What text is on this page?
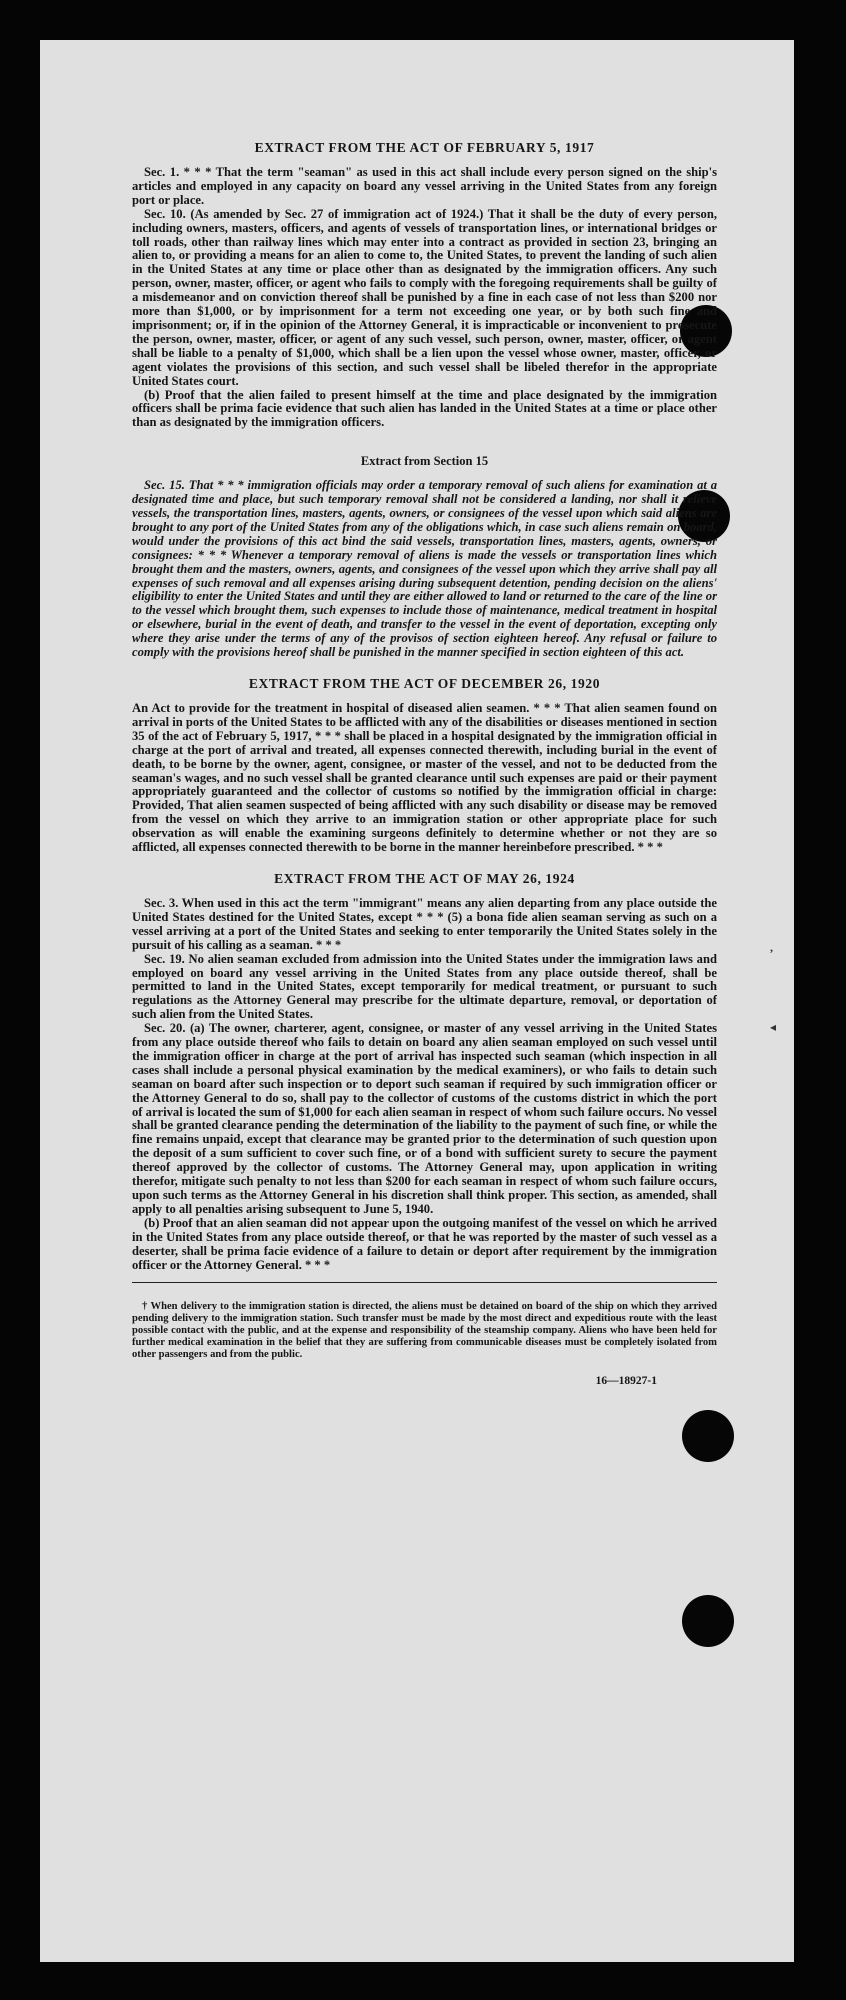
,
◂
EXTRACT FROM THE ACT OF FEBRUARY 5, 1917

Sec. 1. * * * That the term "seaman" as used in this act shall include every person signed on the ship's articles and employed in any capacity on board any vessel arriving in the United States from any foreign port or place.

Sec. 10. (As amended by Sec. 27 of immigration act of 1924.) That it shall be the duty of every person, including owners, masters, officers, and agents of vessels of transportation lines, or international bridges or toll roads, other than railway lines which may enter into a contract as provided in section 23, bringing an alien to, or providing a means for an alien to come to, the United States, to prevent the landing of such alien in the United States at any time or place other than as designated by the immigration officers. Any such person, owner, master, officer, or agent who fails to comply with the foregoing requirements shall be guilty of a misdemeanor and on conviction thereof shall be punished by a fine in each case of not less than $200 nor more than $1,000, or by imprisonment for a term not exceeding one year, or by both such fine and imprisonment; or, if in the opinion of the Attorney General, it is impracticable or inconvenient to prosecute the person, owner, master, officer, or agent of any such vessel, such person, owner, master, officer, or agent shall be liable to a penalty of $1,000, which shall be a lien upon the vessel whose owner, master, officer, or agent violates the provisions of this section, and such vessel shall be libeled therefor in the appropriate United States court.

(b) Proof that the alien failed to present himself at the time and place designated by the immigration officers shall be prima facie evidence that such alien has landed in the United States at a time or place other than as designated by the immigration officers.

Extract from Section 15

Sec. 15. That * * * immigration officials may order a temporary removal of such aliens for examination at a designated time and place, but such temporary removal shall not be considered a landing, nor shall it relieve vessels, the transportation lines, masters, agents, owners, or consignees of the vessel upon which said aliens are brought to any port of the United States from any of the obligations which, in case such aliens remain on board, would under the provisions of this act bind the said vessels, transportation lines, masters, agents, owners, or consignees: * * * Whenever a temporary removal of aliens is made the vessels or transportation lines which brought them and the masters, owners, agents, and consignees of the vessel upon which they arrive shall pay all expenses of such removal and all expenses arising during subsequent detention, pending decision on the aliens' eligibility to enter the United States and until they are either allowed to land or returned to the care of the line or to the vessel which brought them, such expenses to include those of maintenance, medical treatment in hospital or elsewhere, burial in the event of death, and transfer to the vessel in the event of deportation, excepting only where they arise under the terms of any of the provisos of section eighteen hereof. Any refusal or failure to comply with the provisions hereof shall be punished in the manner specified in section eighteen of this act.

EXTRACT FROM THE ACT OF DECEMBER 26, 1920

An Act to provide for the treatment in hospital of diseased alien seamen. * * * That alien seamen found on arrival in ports of the United States to be afflicted with any of the disabilities or diseases mentioned in section 35 of the act of February 5, 1917, * * * shall be placed in a hospital designated by the immigration official in charge at the port of arrival and treated, all expenses connected therewith, including burial in the event of death, to be borne by the owner, agent, consignee, or master of the vessel, and not to be deducted from the seaman's wages, and no such vessel shall be granted clearance until such expenses are paid or their payment appropriately guaranteed and the collector of customs so notified by the immigration official in charge: Provided, That alien seamen suspected of being afflicted with any such disability or disease may be removed from the vessel on which they arrive to an immigration station or other appropriate place for such observation as will enable the examining surgeons definitely to determine whether or not they are so afflicted, all expenses connected therewith to be borne in the manner hereinbefore prescribed. * * *

EXTRACT FROM THE ACT OF MAY 26, 1924

Sec. 3. When used in this act the term "immigrant" means any alien departing from any place outside the United States destined for the United States, except * * * (5) a bona fide alien seaman serving as such on a vessel arriving at a port of the United States and seeking to enter temporarily the United States solely in the pursuit of his calling as a seaman. * * *

Sec. 19. No alien seaman excluded from admission into the United States under the immigration laws and employed on board any vessel arriving in the United States from any place outside thereof, shall be permitted to land in the United States, except temporarily for medical treatment, or pursuant to such regulations as the Attorney General may prescribe for the ultimate departure, removal, or deportation of such alien from the United States.

Sec. 20. (a) The owner, charterer, agent, consignee, or master of any vessel arriving in the United States from any place outside thereof who fails to detain on board any alien seaman employed on such vessel until the immigration officer in charge at the port of arrival has inspected such seaman (which inspection in all cases shall include a personal physical examination by the medical examiners), or who fails to detain such seaman on board after such inspection or to deport such seaman if required by such immigration officer or the Attorney General to do so, shall pay to the collector of customs of the customs district in which the port of arrival is located the sum of $1,000 for each alien seaman in respect of whom such failure occurs. No vessel shall be granted clearance pending the determination of the liability to the payment of such fine, or while the fine remains unpaid, except that clearance may be granted prior to the determination of such question upon the deposit of a sum sufficient to cover such fine, or of a bond with sufficient surety to secure the payment thereof approved by the collector of customs. The Attorney General may, upon application in writing therefor, mitigate such penalty to not less than $200 for each seaman in respect of whom such failure occurs, upon such terms as the Attorney General in his discretion shall think proper. This section, as amended, shall apply to all penalties arising subsequent to June 5, 1940.

(b) Proof that an alien seaman did not appear upon the outgoing manifest of the vessel on which he arrived in the United States from any place outside thereof, or that he was reported by the master of such vessel as a deserter, shall be prima facie evidence of a failure to detain or deport after requirement by the immigration officer or the Attorney General. * * *

† When delivery to the immigration station is directed, the aliens must be detained on board of the ship on which they arrived pending delivery to the immigration station. Such transfer must be made by the most direct and expeditious route with the least possible contact with the public, and at the expense and responsibility of the steamship company. Aliens who have been held for further medical examination in the belief that they are suffering from communicable diseases must be completely isolated from other passengers and from the public.

16—18927-1
